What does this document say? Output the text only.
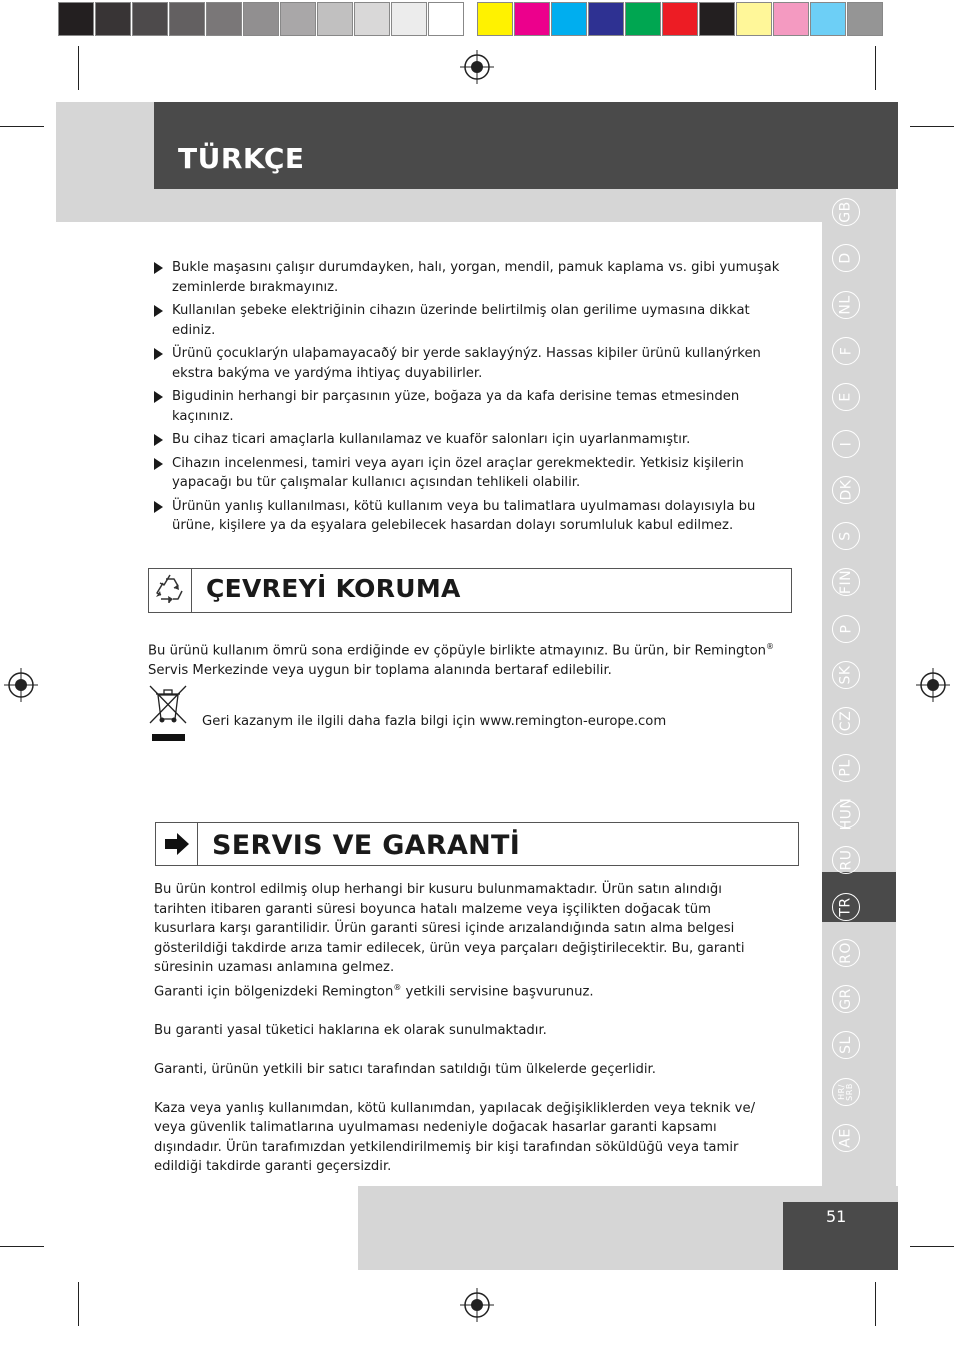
TÜRKÇE
GB
D
NL
F
E
I
DK
S
FIN
P
SK
CZ
PL
HUN
RU
TR
RO
GR
SL
HR/
SRB
AE
Bukle maşasını çalışır durumdayken, halı, yorgan, mendil, pamuk kaplama vs. gibi yumuşak zeminlerde bırakmayınız.
Kullanılan şebeke elektriğinin cihazın üzerinde belirtilmiş olan gerilime uymasına dikkat ediniz.
Ürünü çocuklarýn ulaþamayacaðý bir yerde saklayýnýz. Hassas kiþiler ürünü kullanýrken ekstra bakýma ve yardýma ihtiyaç duyabilirler.
Bigudinin herhangi bir parçasının yüze, boğaza ya da kafa derisine temas etmesinden kaçınınız.
Bu cihaz ticari amaçlarla kullanılamaz ve kuaför salonları için uyarlanmamıştır.
Cihazın incelenmesi, tamiri veya ayarı için özel araçlar gerekmektedir. Yetkisiz kişilerin yapacağı bu tür çalışmalar kullanıcı açısından tehlikeli olabilir.
Ürünün yanlış kullanılması, kötü kullanım veya bu talimatlara uyulmaması dolayısıyla bu ürüne, kişilere ya da eşyalara gelebilecek hasardan dolayı sorumluluk kabul edilmez.
ÇEVREYİ KORUMA

Bu ürünü kullanım ömrü sona erdiğinde ev çöpüyle birlikte atmayınız. Bu ürün, bir Remington®
Servis Merkezinde veya uygun bir toplama alanında bertaraf edilebilir.

Geri kazanym ile ilgili daha fazla bilgi için www.remington-europe.com
SERVIS VE GARANTİ

Bu ürün kontrol edilmiş olup herhangi bir kusuru bulunmamaktadır. Ürün satın alındığı tarihten itibaren garanti süresi boyunca hatalı malzeme veya işçilikten doğacak tüm kusurlara karşı garantilidir. Ürün garanti süresi içinde arızalandığında satın alma belgesi gösterildiği takdirde arıza tamir edilecek, ürün veya parçaları değiştirilecektir. Bu, garanti süresinin uzaması anlamına gelmez.

Garanti için bölgenizdeki Remington® yetkili servisine başvurunuz.

Bu garanti yasal tüketici haklarına ek olarak sunulmaktadır.

Garanti, ürünün yetkili bir satıcı tarafından satıldığı tüm ülkelerde geçerlidir.

Kaza veya yanlış kullanımdan, kötü kullanımdan, yapılacak değişikliklerden veya teknik ve/ veya güvenlik talimatlarına uyulmaması nedeniyle doğacak hasarlar garanti kapsamı dışındadır. Ürün tarafımızdan yetkilendirilmemiş bir kişi tarafından söküldüğü veya tamir edildiği takdirde garanti geçersizdir.

51
